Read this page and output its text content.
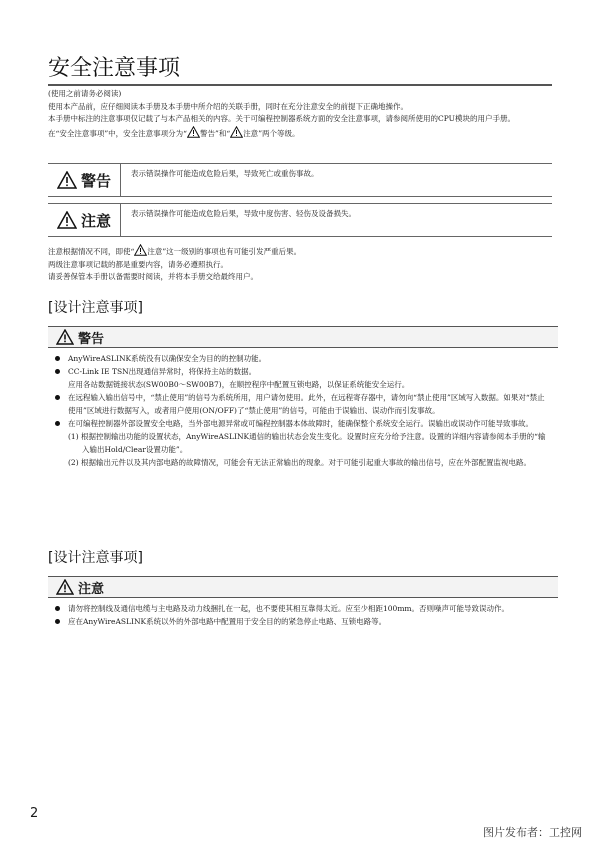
安全注意事项

(使用之前请务必阅读)

使用本产品前，应仔细阅读本手册及本手册中所介绍的关联手册，同时在充分注意安全的前提下正确地操作。

本手册中标注的注意事项仅记载了与本产品相关的内容。关于可编程控制器系统方面的安全注意事项，请参阅所使用的CPU模块的用户手册。

在“安全注意事项”中，安全注意事项分为“ 警告”和“ 注意”两个等级。

警告	表示错误操作可能造成危险后果，导致死亡或重伤事故。

注意	表示错误操作可能造成危险后果，导致中度伤害、轻伤及设备损失。

注意根据情况不同，即使“ 注意”这一级别的事项也有可能引发严重后果。

两级注意事项记载的都是重要内容，请务必遵照执行。

请妥善保管本手册以备需要时阅读，并将本手册交给最终用户。

[设计注意事项]
警告
AnyWireASLINK系统没有以确保安全为目的的控制功能。
CC-Link IE TSN出现通信异常时，将保持主站的数据。
应用各站数据链接状态(SW00B0～SW00B7)，在顺控程序中配置互锁电路，以保证系统能安全运行。
在远程输入输出信号中，“禁止使用”的信号为系统所用，用户请勿使用。此外，在远程寄存器中，请勿向“禁止使用”区域写入数据。如果对“禁止使用”区域进行数据写入，或者用户使用(ON/OFF)了“禁止使用”的信号，可能由于误输出、误动作而引发事故。
在可编程控制器外部设置安全电路，当外部电源异常或可编程控制器本体故障时，能确保整个系统安全运行。误输出或误动作可能导致事故。
(1) 根据控制输出功能的设置状态，AnyWireASLINK通信的输出状态会发生变化。设置时应充分给予注意。设置的详细内容请参阅本手册的“输入输出Hold/Clear设置功能”。
(2) 根据输出元件以及其内部电路的故障情况，可能会有无法正常输出的现象。对于可能引起重大事故的输出信号，应在外部配置监视电路。
[设计注意事项]
注意
请勿将控制线及通信电缆与主电路及动力线捆扎在一起，也不要使其相互靠得太近。应至少相距100mm。否则噪声可能导致误动作。
应在AnyWireASLINK系统以外的外部电路中配置用于安全目的的紧急停止电路、互锁电路等。
2
图片发布者：工控网
